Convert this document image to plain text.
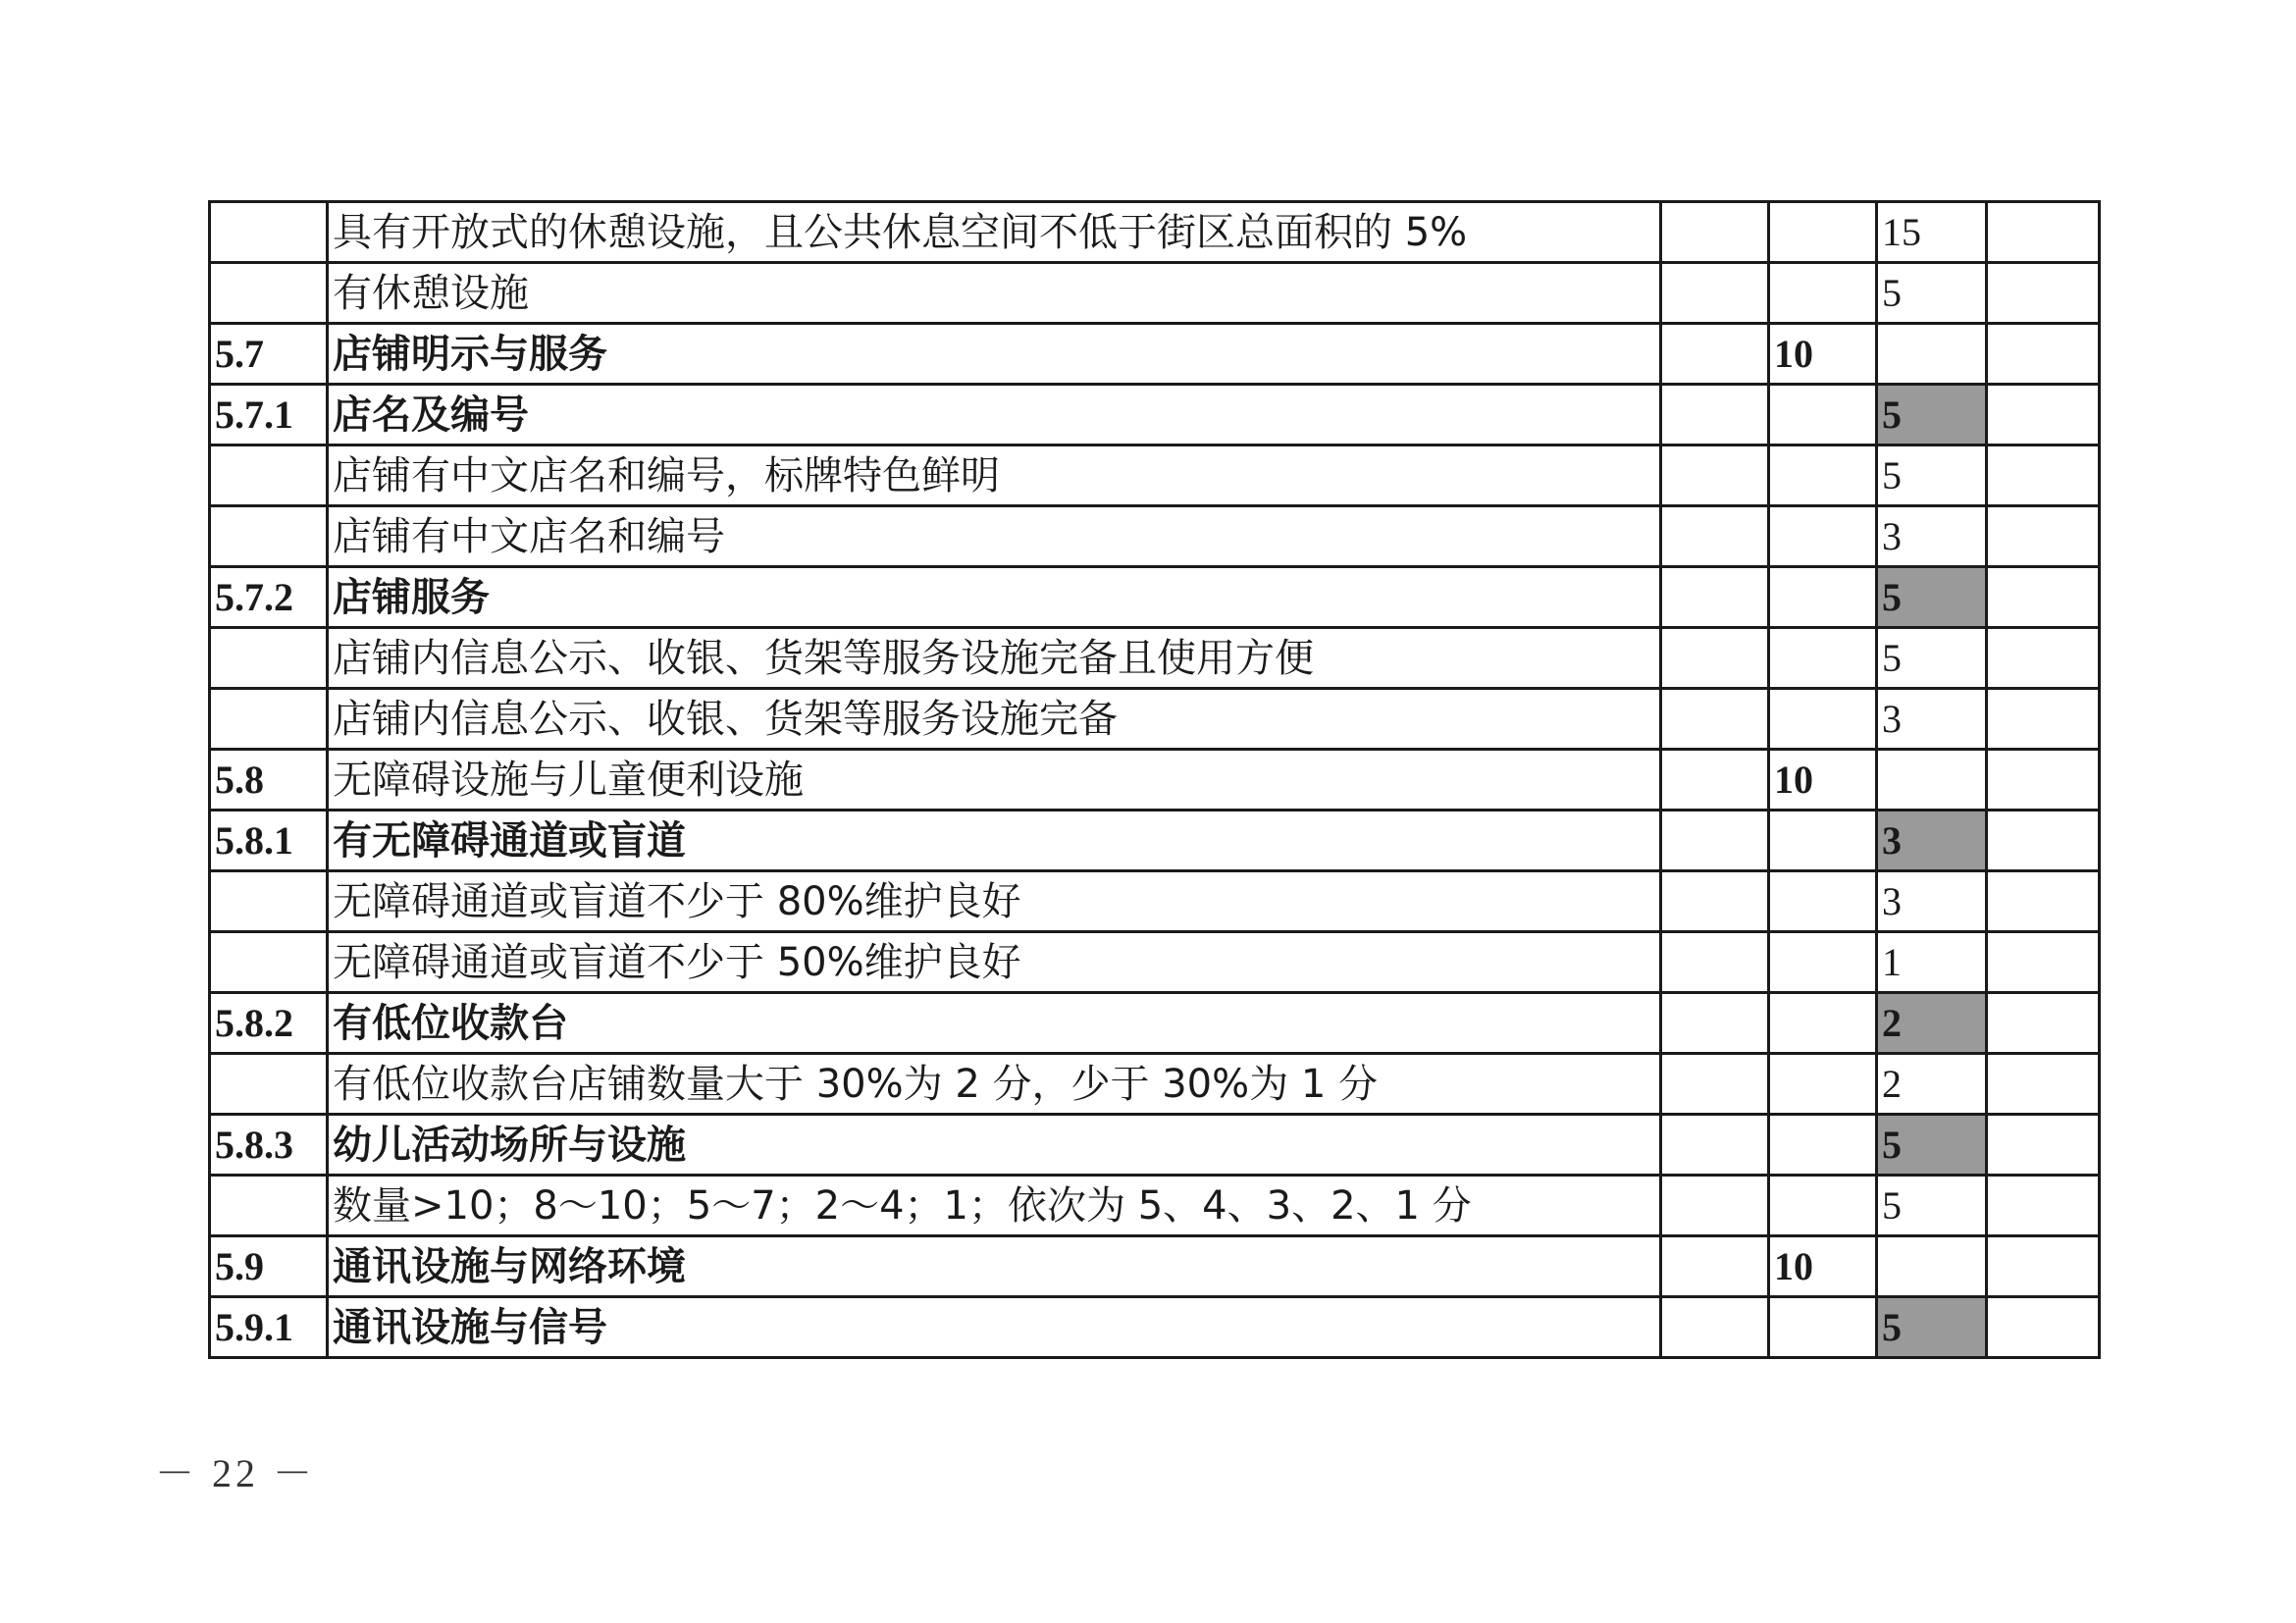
	具有开放式的休憩设施，且公共休息空间不低于街区总面积的 5%			15	
	有休憩设施			5	
5.7	店铺明示与服务		10		
5.7.1	店名及编号			5	
	店铺有中文店名和编号，标牌特色鲜明			5	
	店铺有中文店名和编号			3	
5.7.2	店铺服务			5	
	店铺内信息公示、收银、货架等服务设施完备且使用方便			5	
	店铺内信息公示、收银、货架等服务设施完备			3	
5.8	无障碍设施与儿童便利设施		10		
5.8.1	有无障碍通道或盲道			3	
	无障碍通道或盲道不少于 80%维护良好			3	
	无障碍通道或盲道不少于 50%维护良好			1	
5.8.2	有低位收款台			2	
	有低位收款台店铺数量大于 30%为 2 分，少于 30%为 1 分			2	
5.8.3	幼儿活动场所与设施			5	
	数量>10；8～10；5～7；2～4；1；依次为 5、4、3、2、1 分			5	
5.9	通讯设施与网络环境		10		
5.9.1	通讯设施与信号			5	
－ 22 －
